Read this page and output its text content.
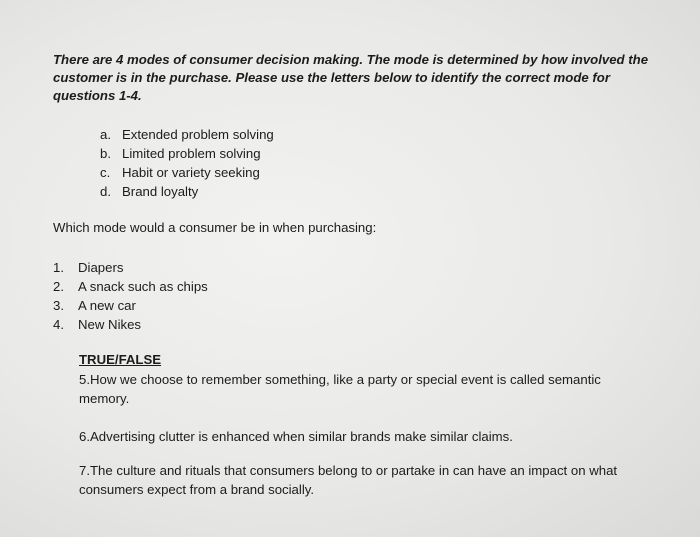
There are 4 modes of consumer decision making. The mode is determined by how involved the customer is in the purchase. Please use the letters below to identify the correct mode for questions 1-4.
a. Extended problem solving
b. Limited problem solving
c. Habit or variety seeking
d. Brand loyalty
Which mode would a consumer be in when purchasing:
1.	Diapers
2.	A snack such as chips
3.	A new car
4.	New Nikes
TRUE/FALSE
5.How we choose to remember something, like a party or special event is called semantic memory.
6.Advertising clutter is enhanced when similar brands make similar claims.
7.The culture and rituals that consumers belong to or partake in can have an impact on what consumers expect from a brand socially.
